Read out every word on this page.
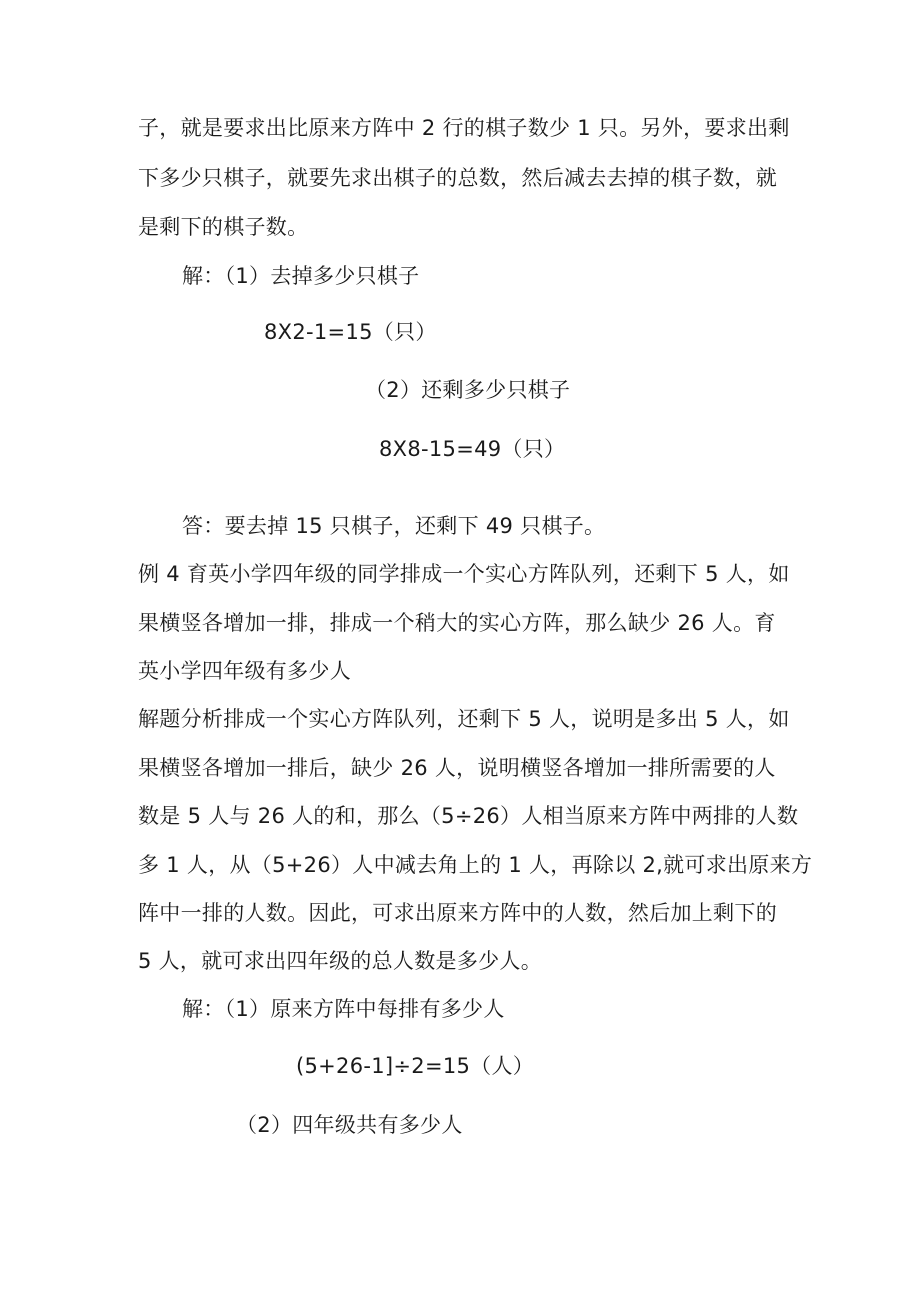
子，就是要求出比原来方阵中 2 行的棋子数少 1 只。另外，要求出剩
下多少只棋子，就要先求出棋子的总数，然后减去去掉的棋子数，就
是剩下的棋子数。
解：（1）去掉多少只棋子
8X2-1=15（只）
（2）还剩多少只棋子
8X8-15=49（只）
答：要去掉 15 只棋子，还剩下 49 只棋子。
例 4 育英小学四年级的同学排成一个实心方阵队列，还剩下 5 人，如
果横竖各增加一排，排成一个稍大的实心方阵，那么缺少 26 人。育
英小学四年级有多少人
解题分析排成一个实心方阵队列，还剩下 5 人，说明是多出 5 人，如
果横竖各增加一排后，缺少 26 人，说明横竖各增加一排所需要的人
数是 5 人与 26 人的和，那么（5÷26）人相当原来方阵中两排的人数
多 1 人，从（5+26）人中减去角上的 1 人，再除以 2,就可求出原来方
阵中一排的人数。因此，可求出原来方阵中的人数，然后加上剩下的
5 人，就可求出四年级的总人数是多少人。
解：（1）原来方阵中每排有多少人
(5+26-1]÷2=15（人）
（2）四年级共有多少人
